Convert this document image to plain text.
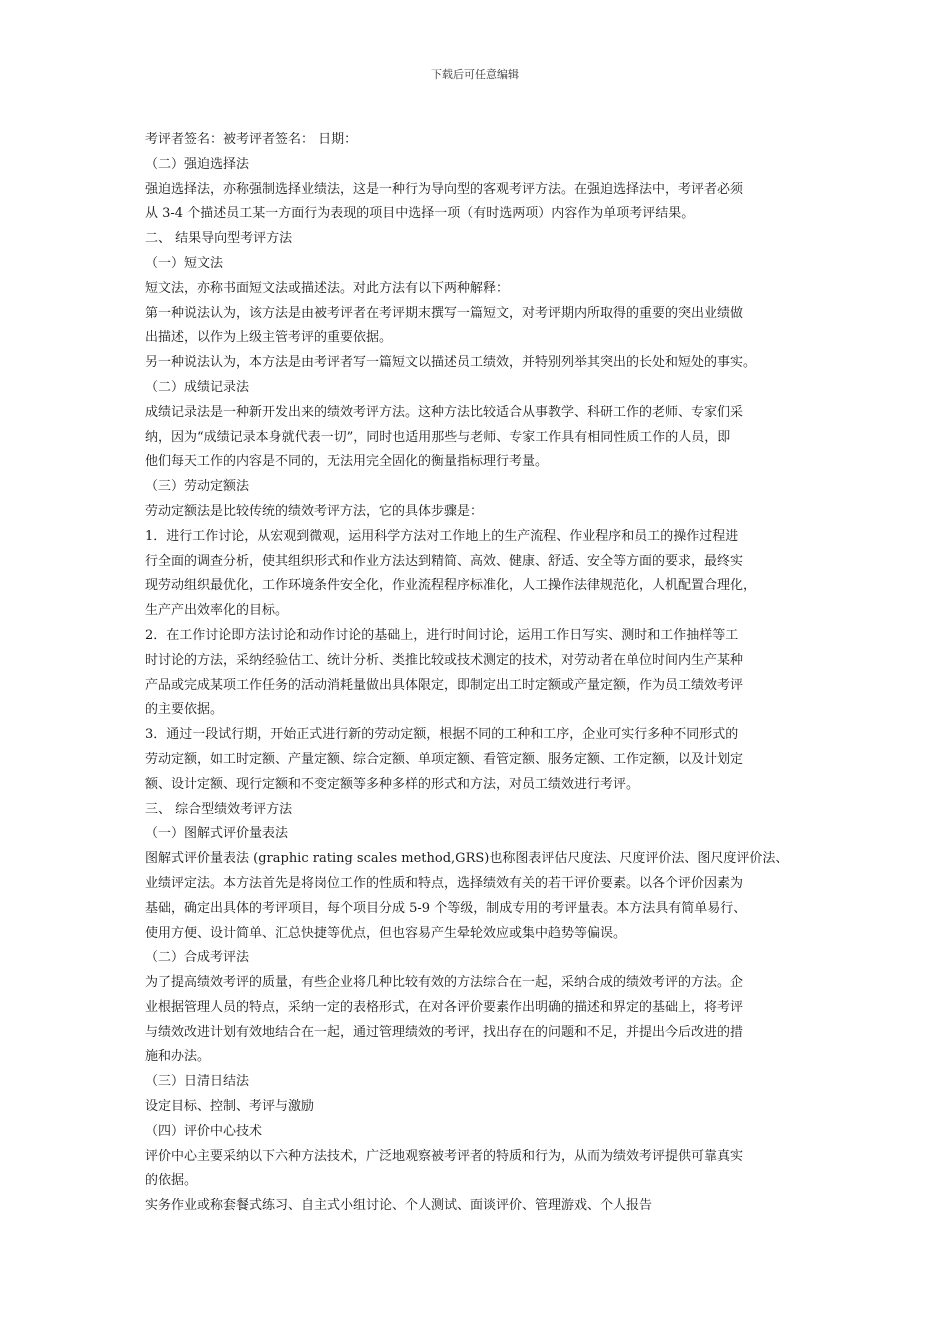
下载后可任意编辑
考评者签名：被考评者签名： 日期：
（二）强迫选择法
强迫选择法，亦称强制选择业绩法，这是一种行为导向型的客观考评方法。在强迫选择法中，考评者必须
从 3-4 个描述员工某一方面行为表现的项目中选择一项（有时选两项）内容作为单项考评结果。
二、 结果导向型考评方法
（一）短文法
短文法，亦称书面短文法或描述法。对此方法有以下两种解释：
第一种说法认为，该方法是由被考评者在考评期末撰写一篇短文，对考评期内所取得的重要的突出业绩做
出描述，以作为上级主管考评的重要依据。
另一种说法认为，本方法是由考评者写一篇短文以描述员工绩效，并特别列举其突出的长处和短处的事实。
（二）成绩记录法
成绩记录法是一种新开发出来的绩效考评方法。这种方法比较适合从事教学、科研工作的老师、专家们采
纳，因为“成绩记录本身就代表一切”，同时也适用那些与老师、专家工作具有相同性质工作的人员，即
他们每天工作的内容是不同的，无法用完全固化的衡量指标理行考量。
（三）劳动定额法
劳动定额法是比较传统的绩效考评方法，它的具体步骤是：
1．进行工作讨论，从宏观到微观，运用科学方法对工作地上的生产流程、作业程序和员工的操作过程进
行全面的调查分析，使其组织形式和作业方法达到精简、高效、健康、舒适、安全等方面的要求，最终实
现劳动组织最优化，工作环境条件安全化，作业流程程序标准化，人工操作法律规范化，人机配置合理化，
生产产出效率化的目标。
2．在工作讨论即方法讨论和动作讨论的基础上，进行时间讨论，运用工作日写实、测时和工作抽样等工
时讨论的方法，采纳经验估工、统计分析、类推比较或技术测定的技术，对劳动者在单位时间内生产某种
产品或完成某项工作任务的活动消耗量做出具体限定，即制定出工时定额或产量定额，作为员工绩效考评
的主要依据。
3．通过一段试行期，开始正式进行新的劳动定额，根据不同的工种和工序，企业可实行多种不同形式的
劳动定额，如工时定额、产量定额、综合定额、单项定额、看管定额、服务定额、工作定额，以及计划定
额、设计定额、现行定额和不变定额等多种多样的形式和方法，对员工绩效进行考评。
三、 综合型绩效考评方法
（一）图解式评价量表法
图解式评价量表法 (graphic rating scales method,GRS)也称图表评估尺度法、尺度评价法、图尺度评价法、
业绩评定法。本方法首先是将岗位工作的性质和特点，选择绩效有关的若干评价要素。以各个评价因素为
基础，确定出具体的考评项目，每个项目分成 5-9 个等级，制成专用的考评量表。本方法具有简单易行、
使用方便、设计简单、汇总快捷等优点，但也容易产生晕轮效应或集中趋势等偏误。
（二）合成考评法
为了提高绩效考评的质量，有些企业将几种比较有效的方法综合在一起，采纳合成的绩效考评的方法。企
业根据管理人员的特点，采纳一定的表格形式，在对各评价要素作出明确的描述和界定的基础上，将考评
与绩效改进计划有效地结合在一起，通过管理绩效的考评，找出存在的问题和不足，并提出今后改进的措
施和办法。
（三）日清日结法
设定目标、控制、考评与激励
（四）评价中心技术
评价中心主要采纳以下六种方法技术，广泛地观察被考评者的特质和行为，从而为绩效考评提供可靠真实
的依据。
实务作业或称套餐式练习、自主式小组讨论、个人测试、面谈评价、管理游戏、个人报告
